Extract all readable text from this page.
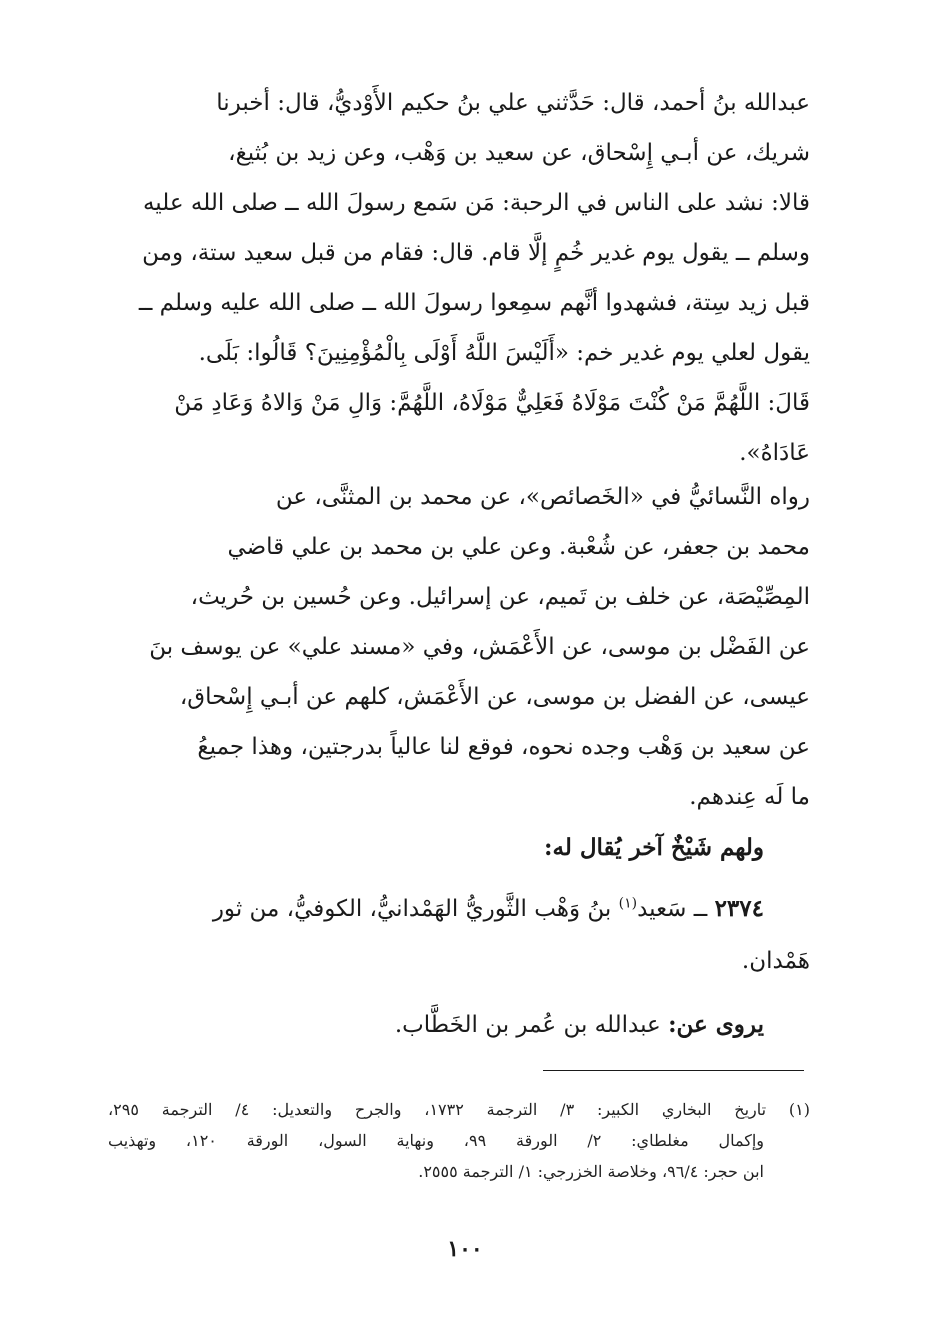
عبدالله بنُ أحمد، قال: حَدَّثني علي بنُ حكيم الأَوْديُّ، قال: أخبرنا
شريك، عن أبـي إِسْحاق، عن سعيد بن وَهْب، وعن زيد بن بُثيغ،
قالا: نشد على الناس في الرحبة: مَن سَمع رسولَ الله ــ صلى الله عليه
وسلم ــ يقول يوم غدير خُمٍ إلَّا قام. قال: فقام من قبل سعيد ستة، ومن
قبل زيد سِتة، فشهدوا أنَّهم سمِعوا رسولَ الله ــ صلى الله عليه وسلم ــ
يقول لعلي يوم غدير خم: «أَلَيْسَ اللَّهُ أَوْلَى بِالْمُؤْمِنِينَ؟ قَالُوا: بَلَى.
قَالَ: اللَّهُمَّ مَنْ كُنْتَ مَوْلَاهُ فَعَلِيٌّ مَوْلَاهُ، اللَّهُمَّ: وَالِ مَنْ وَالاهُ وَعَادِ مَنْ
عَادَاهُ».
رواه النَّسائيُّ في «الخَصائص»، عن محمد بن المثنَّى، عن
محمد بن جعفر، عن شُعْبة. وعن علي بن محمد بن علي قاضي
المِصِّيْصَة، عن خلف بن تَميم، عن إسرائيل. وعن حُسين بن حُريث،
عن الفَضْل بن موسى، عن الأَعْمَش، وفي «مسند علي» عن يوسف بنَ
عيسى، عن الفضل بن موسى، عن الأَعْمَش، كلهم عن أبـي إِسْحاق،
عن سعيد بن وَهْب وجده نحوه، فوقع لنا عالياً بدرجتين، وهذا جميعُ
ما لَه عِندهم.
ولهم شَيْخٌ آخر يُقال له:
٢٣٧٤ ــ سَعيد$^{(١)}$ بنُ وَهْب الثَّوريُّ الهَمْدانيُّ، الكوفيُّ، من ثور
هَمْدان.
يروى عن: عبدالله بن عُمر بن الخَطَّاب.
(١) تاريخ البخاري الكبير: ٣/ الترجمة ١٧٣٢، والجرح والتعديل: ٤/ الترجمة ٢٩٥،
وإكمال مغلطاي: ٢/ الورقة ٩٩، ونهاية السول، الورقة ١٢٠، وتهذيب
ابن حجر: ٩٦/٤، وخلاصة الخزرجي: ١/ الترجمة ٢٥٥٥.
١٠٠
